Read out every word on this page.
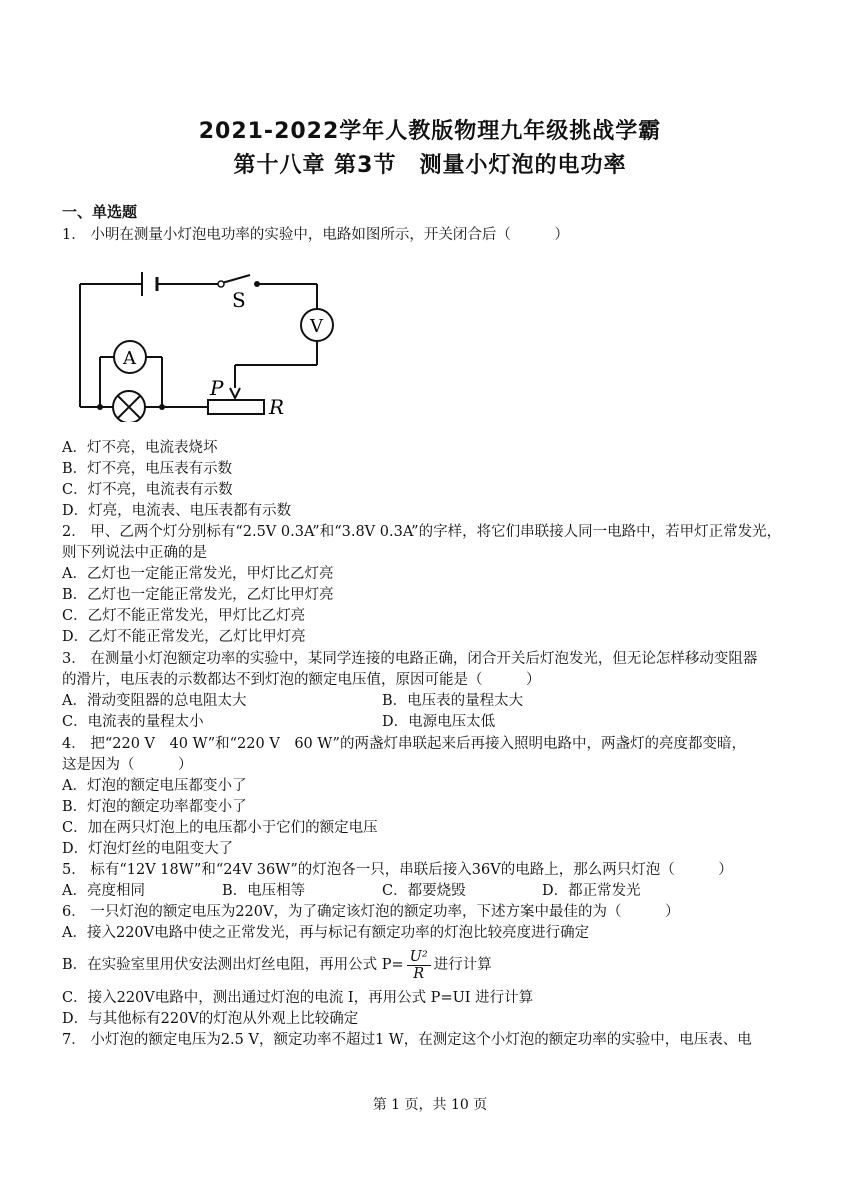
2021-2022学年人教版物理九年级挑战学霸
第十八章 第3节　测量小灯泡的电功率
一、单选题
1． 小明在测量小灯泡电功率的实验中，电路如图所示，开关闭合后（　　　）
S
V
A
P
R
A．灯不亮，电流表烧坏
B．灯不亮，电压表有示数
C．灯不亮，电流表有示数
D．灯亮，电流表、电压表都有示数
2． 甲、乙两个灯分别标有“2.5V 0.3A”和“3.8V 0.3A”的字样，将它们串联接人同一电路中，若甲灯正常发光，
则下列说法中正确的是
A．乙灯也一定能正常发光，甲灯比乙灯亮
B．乙灯也一定能正常发光，乙灯比甲灯亮
C．乙灯不能正常发光，甲灯比乙灯亮
D．乙灯不能正常发光，乙灯比甲灯亮
3． 在测量小灯泡额定功率的实验中，某同学连接的电路正确，闭合开关后灯泡发光，但无论怎样移动变阻器
的滑片，电压表的示数都达不到灯泡的额定电压值，原因可能是（　　　）
A．滑动变阻器的总电阻太大	B．电压表的量程太大
C．电流表的量程太小	D．电源电压太低
4． 把“220 V　40 W”和“220 V　60 W”的两盏灯串联起来后再接入照明电路中，两盏灯的亮度都变暗，
这是因为（　　　）
A．灯泡的额定电压都变小了
B．灯泡的额定功率都变小了
C．加在两只灯泡上的电压都小于它们的额定电压
D．灯泡灯丝的电阻变大了
5． 标有“12V 18W”和“24V 36W”的灯泡各一只，串联后接入36V的电路上，那么两只灯泡（　　　）
A．亮度相同	B．电压相等	C．都要烧毁	D．都正常发光
6． 一只灯泡的额定电压为220V，为了确定该灯泡的额定功率，下述方案中最佳的为（　　　）
A．接入220V电路中使之正常发光，再与标记有额定功率的灯泡比较亮度进行确定
B．在实验室里用伏安法测出灯丝电阻，再用公式 $P= \frac{\text{U²}}{R}$ 进行计算
C．接入220V电路中，测出通过灯泡的电流 I，再用公式 P=UI 进行计算
D．与其他标有220V的灯泡从外观上比较确定
7． 小灯泡的额定电压为2.5 V，额定功率不超过1 W，在测定这个小灯泡的额定功率的实验中，电压表、电
第 1 页，共 10 页
